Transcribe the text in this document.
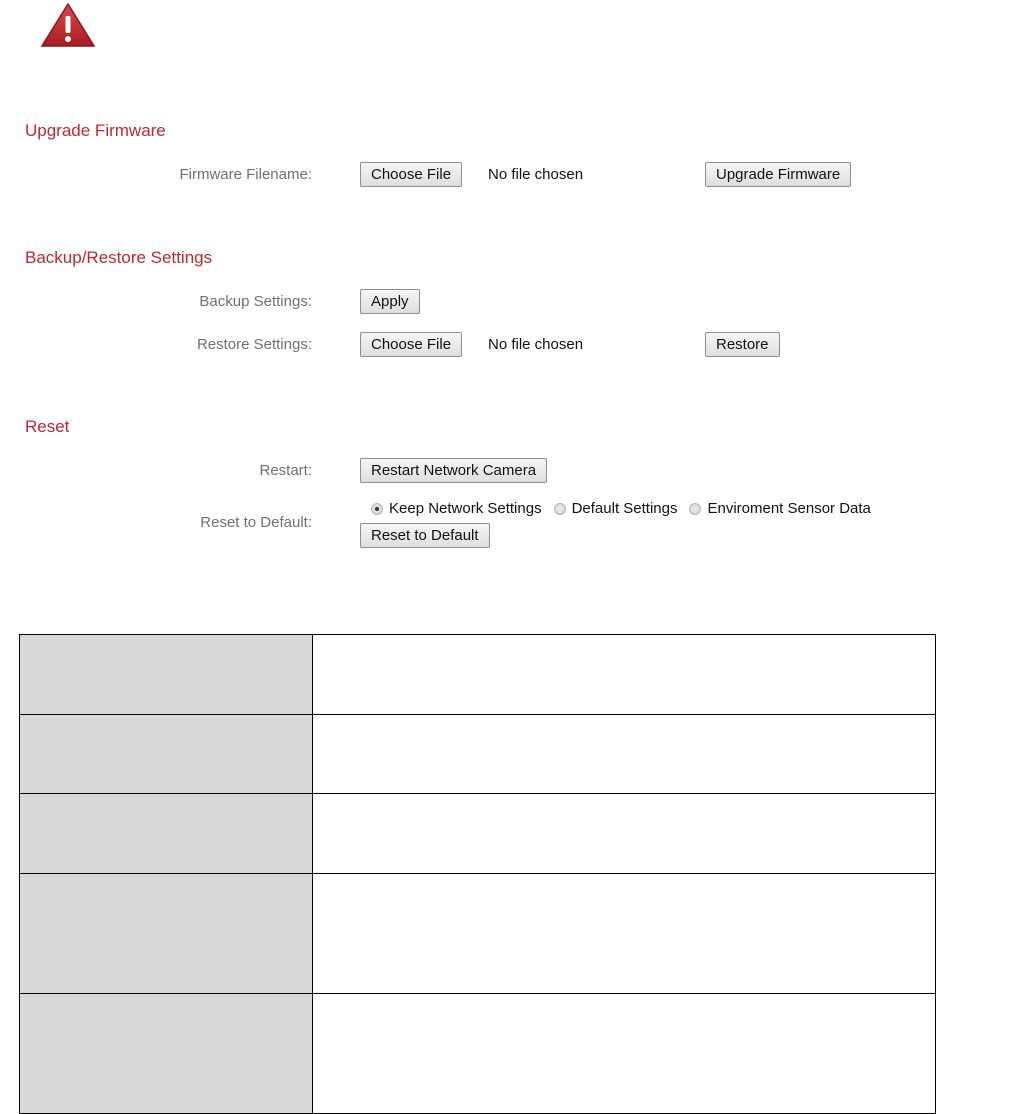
Upgrade Firmware
Firmware Filename:	Choose File	No file chosen	Upgrade Firmware
Backup/Restore Settings
Backup Settings:	Apply
Restore Settings:	Choose File	No file chosen	Restore
Reset
Restart:	Restart Network Camera
Reset to Default:
Keep Network Settings Default Settings Enviroment Sensor Data
Reset to Default
